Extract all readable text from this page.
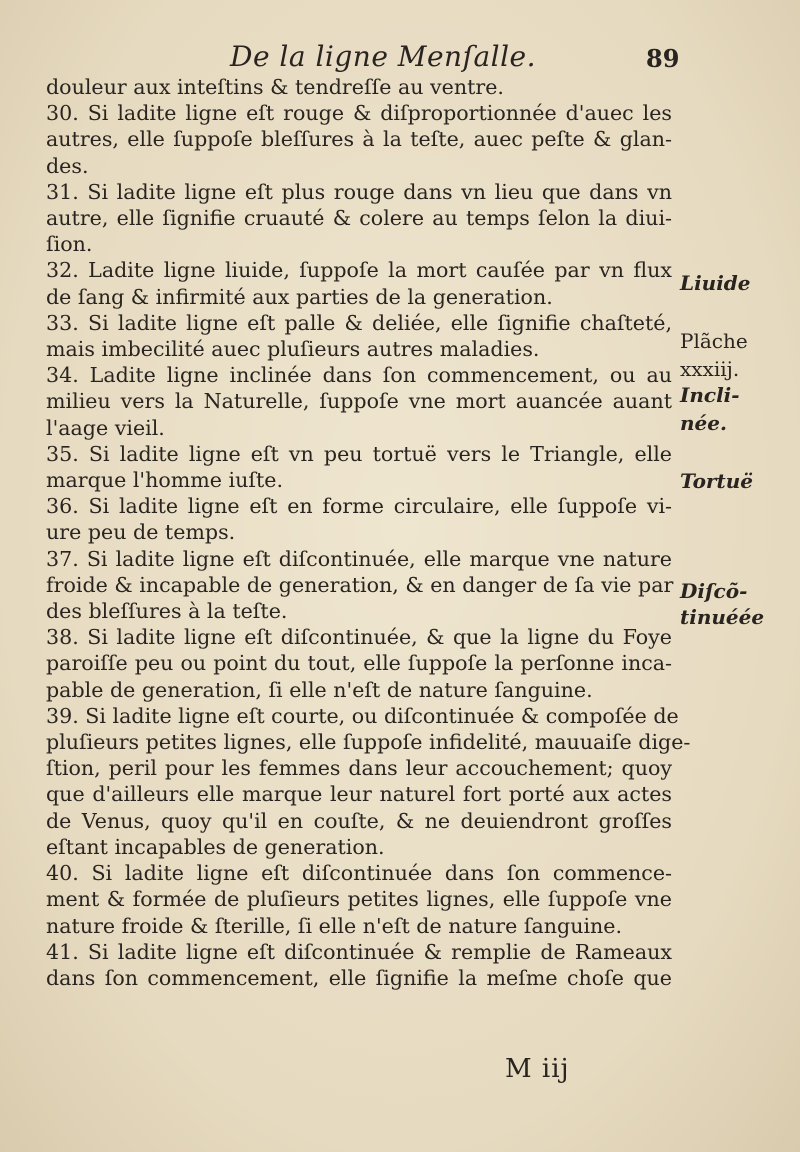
De la ligne Menſalle.	89
douleur aux inteſtins & tendreſſe au ventre.
30. Si ladite ligne eſt rouge & diſproportionnée d'auec les
autres, elle ſuppoſe bleſſures à la teſte, auec peſte & glan-
des.
31. Si ladite ligne eſt plus rouge dans vn lieu que dans vn
autre, elle ſignifie cruauté & colere au temps ſelon la diui-
ſion.
32. Ladite ligne liuide, ſuppoſe la mort cauſée par vn flux
de ſang & infirmité aux parties de la generation.
33. Si ladite ligne eſt palle & deliée, elle ſignifie chaſteté,
mais imbecilité auec pluſieurs autres maladies.
34. Ladite ligne inclinée dans ſon commencement, ou au
milieu vers la Naturelle, ſuppoſe vne mort auancée auant
l'aage vieil.
35. Si ladite ligne eſt vn peu tortuë vers le Triangle, elle
marque l'homme iuſte.
36. Si ladite ligne eſt en forme circulaire, elle ſuppoſe vi-
ure peu de temps.
37. Si ladite ligne eſt diſcontinuée, elle marque vne nature
froide & incapable de generation, & en danger de ſa vie par
des bleſſures à la teſte.
38. Si ladite ligne eſt diſcontinuée, & que la ligne du Foye
paroiſſe peu ou point du tout, elle ſuppoſe la perſonne inca-
pable de generation, ſi elle n'eſt de nature ſanguine.
39. Si ladite ligne eſt courte, ou diſcontinuée & compoſée de
pluſieurs petites lignes, elle ſuppoſe infidelité, mauuaiſe dige-
ſtion, peril pour les femmes dans leur accouchement; quoy
que d'ailleurs elle marque leur naturel fort porté aux actes
de Venus, quoy qu'il en couſte, & ne deuiendront groſſes
eſtant incapables de generation.
40. Si ladite ligne eſt diſcontinuée dans ſon commence-
ment & formée de pluſieurs petites lignes, elle ſuppoſe vne
nature froide & ſterille, ſi elle n'eſt de nature ſanguine.
41. Si ladite ligne eſt diſcontinuée & remplie de Rameaux
dans ſon commencement, elle ſignifie la meſme choſe que
Liuide
Plãche
xxxiij.
Incli-
née.
Tortuë
Diſcõ-
tinuéée
M iij
